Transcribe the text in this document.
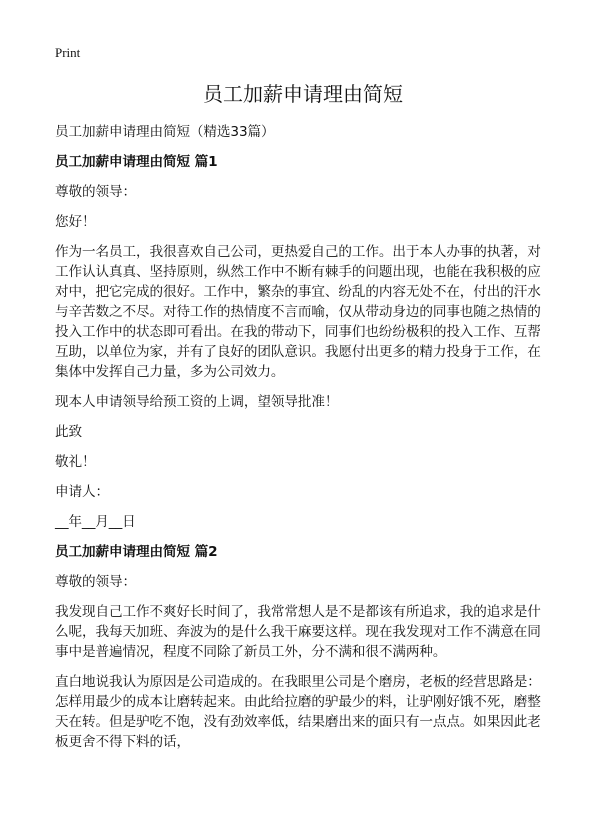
Print
员工加薪申请理由简短

员工加薪申请理由简短（精选33篇）

员工加薪申请理由简短 篇1

尊敬的领导：

您好！

作为一名员工，我很喜欢自己公司，更热爱自己的工作。出于本人办事的执著，对工作认认真真、坚持原则，纵然工作中不断有棘手的问题出现，也能在我积极的应对中，把它完成的很好。工作中，繁杂的事宜、纷乱的内容无处不在，付出的汗水与辛苦数之不尽。对待工作的热情度不言而喻，仅从带动身边的同事也随之热情的投入工作中的状态即可看出。在我的带动下，同事们也纷纷极积的投入工作、互帮互助，以单位为家，并有了良好的团队意识。我愿付出更多的精力投身于工作，在集体中发挥自己力量，多为公司效力。

现本人申请领导给预工资的上调，望领导批准！

此致

敬礼！

申请人：

__年__月__日

员工加薪申请理由简短 篇2

尊敬的领导：

我发现自己工作不爽好长时间了，我常常想人是不是都该有所追求，我的追求是什么呢，我每天加班、奔波为的是什么我干麻要这样。现在我发现对工作不满意在同事中是普遍情况，程度不同除了新员工外，分不满和很不满两种。

直白地说我认为原因是公司造成的。在我眼里公司是个磨房，老板的经营思路是：怎样用最少的成本让磨转起来。由此给拉磨的驴最少的料，让驴刚好饿不死，磨整天在转。但是驴吃不饱，没有劲效率低，结果磨出来的面只有一点点。如果因此老板更舍不得下料的话，
